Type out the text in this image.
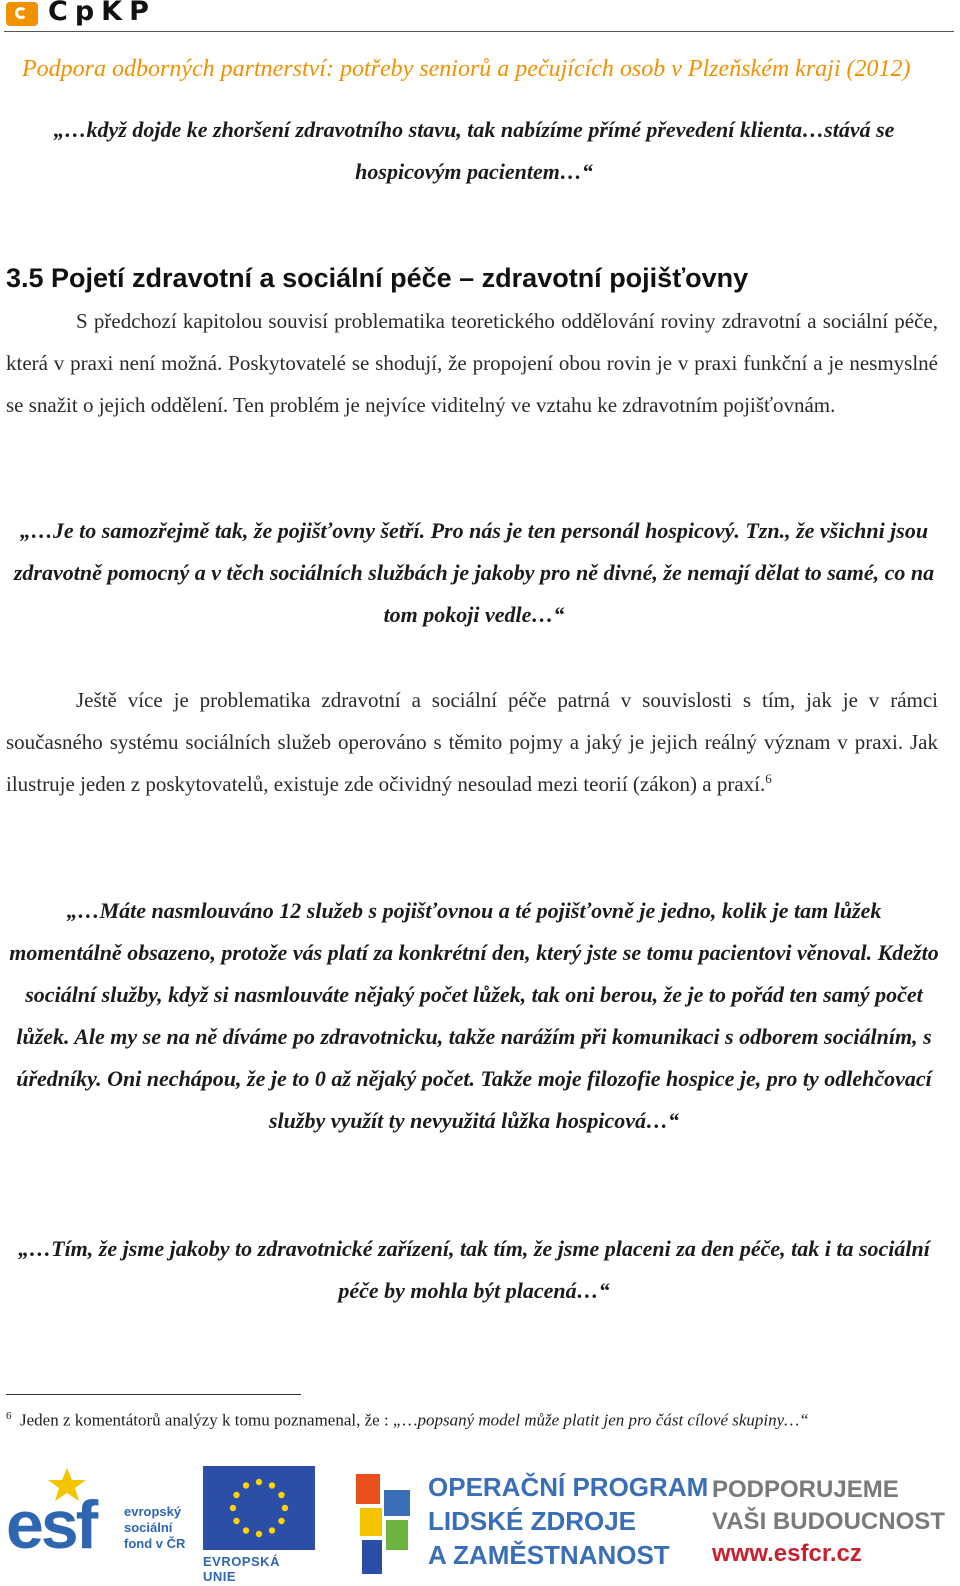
CpKP
Podpora odborných partnerství: potřeby seniorů a pečujících osob v Plzeňském kraji (2012)

„…když dojde ke zhoršení zdravotního stavu, tak nabízíme přímé převedení klienta…stává se hospicovým pacientem…“

3.5 Pojetí zdravotní a sociální péče – zdravotní pojišťovny

S předchozí kapitolou souvisí problematika teoretického oddělování roviny zdravotní a sociální péče, která v praxi není možná. Poskytovatelé se shodují, že propojení obou rovin je v praxi funkční a je nesmyslné se snažit o jejich oddělení. Ten problém je nejvíce viditelný ve vztahu ke zdravotním pojišťovnám.

„…Je to samozřejmě tak, že pojišťovny šetří. Pro nás je ten personál hospicový. Tzn., že všichni jsou zdravotně pomocný a v těch sociálních službách je jakoby pro ně divné, že nemají dělat to samé, co na tom pokoji vedle…“

Ještě více je problematika zdravotní a sociální péče patrná v souvislosti s tím, jak je v rámci současného systému sociálních služeb operováno s těmito pojmy a jaký je jejich reálný význam v praxi. Jak ilustruje jeden z poskytovatelů, existuje zde očividný nesoulad mezi teorií (zákon) a praxí.$^6$

„…Máte nasmlouváno 12 služeb s pojišťovnou a té pojišťovně je jedno, kolik je tam lůžek momentálně obsazeno, protože vás platí za konkrétní den, který jste se tomu pacientovi věnoval. Kdežto sociální služby, když si nasmlouváte nějaký počet lůžek, tak oni berou, že je to pořád ten samý počet lůžek. Ale my se na ně díváme po zdravotnicku, takže narážím při komunikaci s odborem sociálním, s úředníky. Oni nechápou, že je to 0 až nějaký počet. Takže moje filozofie hospice je, pro ty odlehčovací služby využít ty nevyužitá lůžka hospicová…“

„…Tím, že jsme jakoby to zdravotnické zařízení, tak tím, že jsme placeni za den péče, tak i ta sociální péče by mohla být placená…“

$^6$ Jeden z komentátorů analýzy k tomu poznamenal, že : „…popsaný model může platit jen pro část cílové skupiny…“

esf evropský
sociální
fond v ČR
EVROPSKÁ UNIE
OPERAČNÍ PROGRAM
LIDSKÉ ZDROJE
A ZAMĚSTNANOST
PODPORUJEME
VAŠI BUDOUCNOST
www.esfcr.cz
